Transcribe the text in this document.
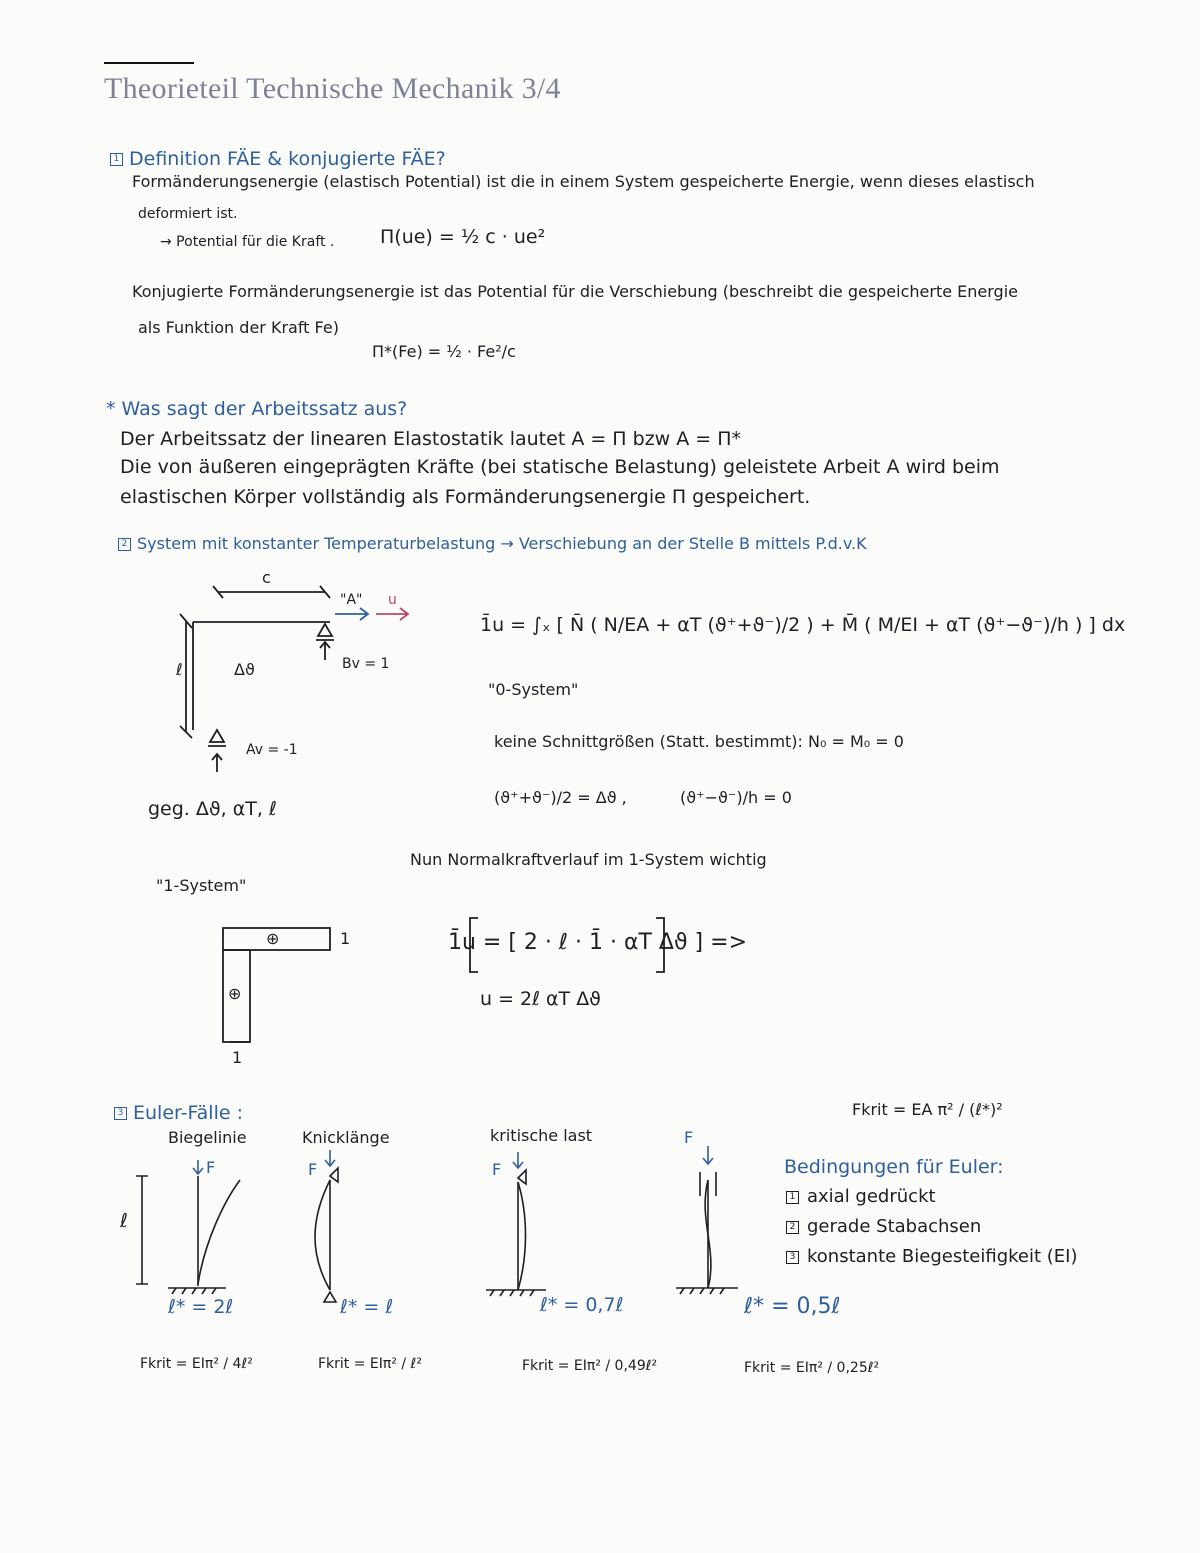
Theorieteil Technische Mechanik 3/4
1 Definition FÄE & konjugierte FÄE?
Formänderungsenergie (elastisch Potential) ist die in einem System gespeicherte Energie, wenn dieses elastisch
deformiert ist.
→ Potential für die Kraft . Π(ue) = ½ c · ue²
Konjugierte Formänderungsenergie ist das Potential für die Verschiebung (beschreibt die gespeicherte Energie
als Funktion der Kraft Fe)
Π*(Fe) = ½ · Fe²/c
* Was sagt der Arbeitssatz aus?
Der Arbeitssatz der linearen Elastostatik lautet A = Π bzw A = Π*
Die von äußeren eingeprägten Kräfte (bei statische Belastung) geleistete Arbeit A wird beim
elastischen Körper vollständig als Formänderungsenergie Π gespeichert.
2 System mit konstanter Temperaturbelastung → Verschiebung an der Stelle B mittels P.d.v.K
c
ℓ	Δϑ
"A" u
Bv = 1
Av = -1
geg. Δϑ, αT, ℓ
1̄u = ∫ₓ [ N̄ ( N/EA + αT (ϑ⁺+ϑ⁻)/2 ) + M̄ ( M/EI + αT (ϑ⁺−ϑ⁻)/h ) ] dx
"0-System"
keine Schnittgrößen (Statt. bestimmt): N₀ = M₀ = 0
(ϑ⁺+ϑ⁻)/2 = Δϑ ,	(ϑ⁺−ϑ⁻)/h = 0
Nun Normalkraftverlauf im 1-System wichtig
"1-System"
⊕
⊕
1
1
1̄u = [ 2 · ℓ · 1̄ · αT Δϑ ] =>
u = 2ℓ αT Δϑ
3 Euler-Fälle :	Fkrit = EA π² / (ℓ*)²
Biegelinie	Knicklänge	kritische last
F	F	F
F
ℓ
ℓ* = 2ℓ	ℓ* = ℓ	ℓ* = 0,7ℓ	ℓ* = 0,5ℓ
Fkrit = EIπ² / 4ℓ²	Fkrit = EIπ² / ℓ²	Fkrit = EIπ² / 0,49ℓ²	Fkrit = EIπ² / 0,25ℓ²
Bedingungen für Euler:
1 axial gedrückt
2 gerade Stabachsen
3 konstante Biegesteifigkeit (EI)
